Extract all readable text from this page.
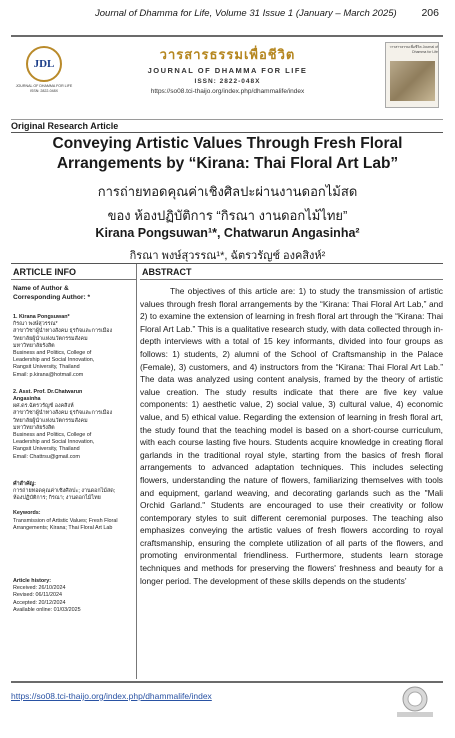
Journal of Dhamma for Life, Volume 31 Issue 1 (January – March 2025) 206
JDL
JOURNAL OF DHAMMA FOR LIFE ISSN: 2822-048X
วารสารธรรมเพื่อชีวิต
JOURNAL OF DHAMMA FOR LIFE
ISSN: 2822-048X
https://so08.tci-thaijo.org/index.php/dhammalife/index
วารสารธรรมเพื่อชีวิต Journal of Dhamma for Life
Original Research Article
Conveying Artistic Values Through Fresh Floral
Arrangements by “Kirana: Thai Floral Art Lab”
การถ่ายทอดคุณค่าเชิงศิลปะผ่านงานดอกไม้สด
ของ ห้องปฏิบัติการ “กิรณา งานดอกไม้ไทย”
Kirana Pongsuwan¹*, Chatwarun Angasinha²
กิรณา พงษ์สุวรรณ¹*, ฉัตรวรัญช์ องคสิงห์²
ARTICLE INFO
Name of Author &
Corresponding Author: *
1. Kirana Pongsuwan*
กิรณา พงษ์สุวรรณ*
สาขาวิชาผู้นำทางสังคม ธุรกิจและการเมือง
วิทยาลัยผู้นำแห่งนวัตกรรมสังคม
มหาวิทยาลัยรังสิต
Business and Politics, College of
Leadership and Social Innovation,
Rangsit University, Thailand
Email: p.kirana@hotmail.com
2. Asst. Prof. Dr.Chatwarun
Angasinha
ผศ.ดร.ฉัตรวรัญช์ องคสิงห์
สาขาวิชาผู้นำทางสังคม ธุรกิจและการเมือง
วิทยาลัยผู้นำแห่งนวัตกรรมสังคม
มหาวิทยาลัยรังสิต
Business and Politics, College of
Leadership and Social Innovation,
Rangsit University, Thailand
Email: Chattrsu@gmail.com
คำสำคัญ:
การถ่ายทอดคุณค่าเชิงศิลปะ; งานดอกไม้สด;
ห้องปฏิบัติการ; กิรณา; งานดอกไม้ไทย
Keywords:
Transmission of Artistic Values; Fresh Floral
Arrangements; Kirana; Thai Floral Art Lab
Article history:
Received: 26/10/2024
Revised: 06/11/2024
Accepted: 20/12/2024
Available online: 01/03/2025
ABSTRACT

The objectives of this article are: 1) to study the transmission of artistic values through fresh floral arrangements by the “Kirana: Thai Floral Art Lab,” and 2) to examine the extension of learning in fresh floral art through the “Kirana: Thai Floral Art Lab.” This is a qualitative research study, with data collected through in-depth interviews with a total of 15 key informants, divided into four groups as follows: 1) students, 2) alumni of the School of Craftsmanship in the Palace (Female), 3) customers, and 4) instructors from the “Kirana: Thai Floral Art Lab.” The data was analyzed using content analysis, framed by the theory of artistic value creation. The study results indicate that there are five key value components: 1) aesthetic value, 2) social value, 3) cultural value, 4) economic value, and 5) ethical value. Regarding the extension of learning in fresh floral art, the study found that the teaching model is based on a short-course curriculum, with each course lasting five hours. Students acquire knowledge in creating floral garlands in the traditional royal style, starting from the basics of fresh floral arrangements to advanced adaptation techniques. This includes selecting flowers, understanding the nature of flowers, familiarizing themselves with tools and equipment, garland weaving, and decorating garlands such as the "Mali Orchid Garland." Students are encouraged to use their creativity or follow contemporary styles to suit different ceremonial purposes. The teaching also emphasizes conveying the artistic values of fresh flowers according to royal craftsmanship, ensuring the complete utilization of all parts of the flowers, and promoting environmental friendliness. Furthermore, students learn storage techniques and methods for preserving the flowers' freshness and beauty for a longer period. The development of these skills depends on the students’

https://so08.tci-thaijo.org/index.php/dhammalife/index
